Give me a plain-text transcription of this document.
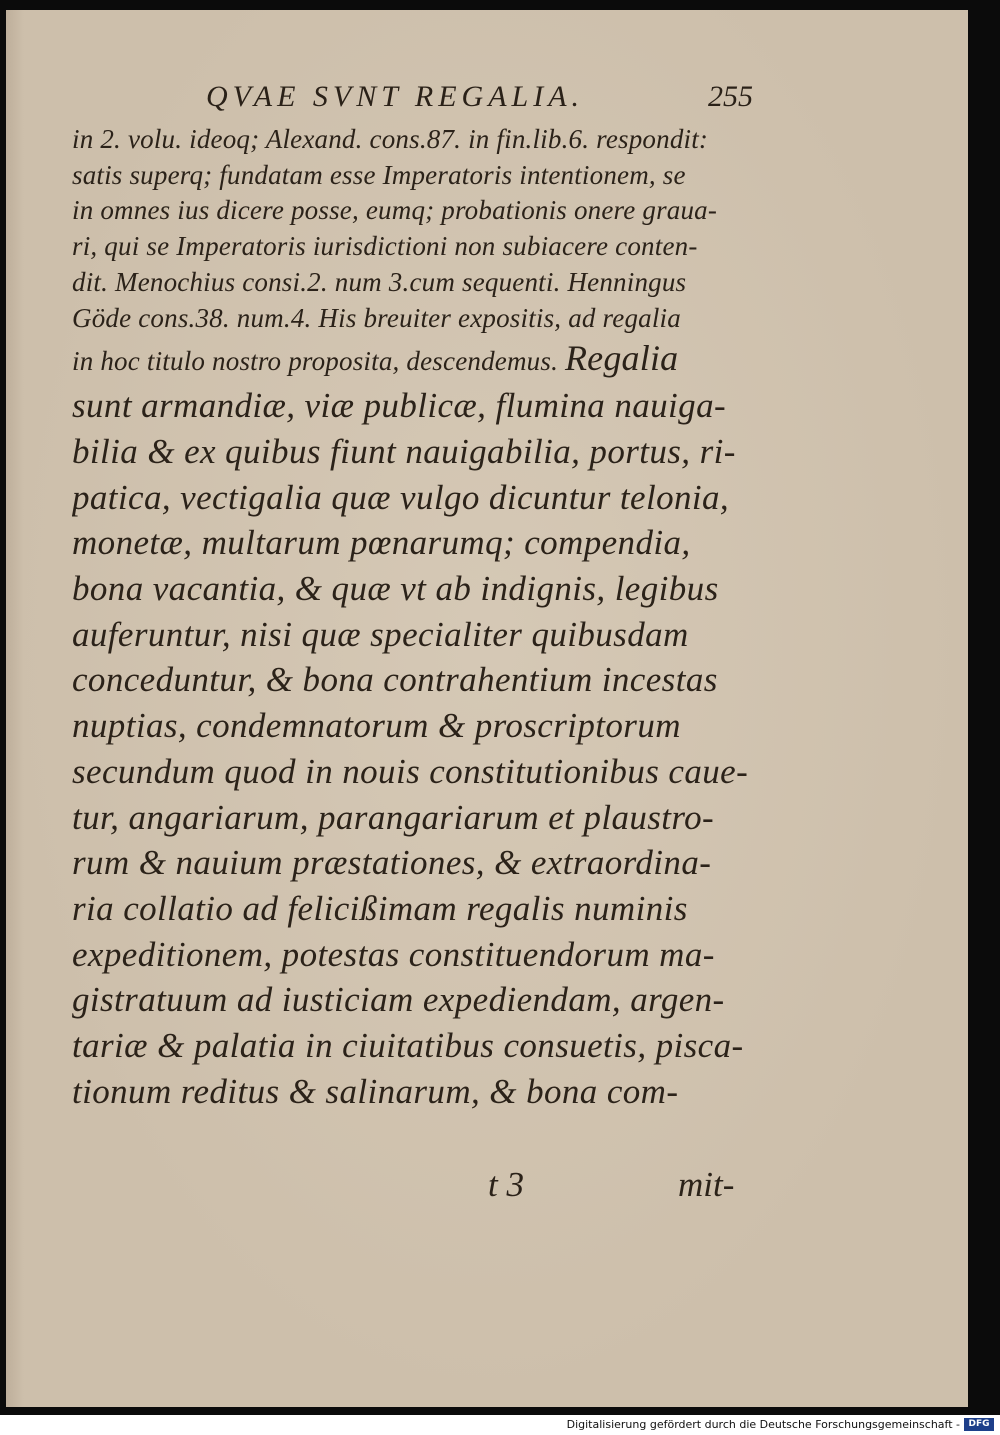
QVAE SVNT REGALIA.	255
in 2. volu. ideoq; Alexand. cons.87. in fin.lib.6. respondit:
satis superq; fundatam esse Imperatoris intentionem, se
in omnes ius dicere posse, eumq; probationis onere graua-
ri, qui se Imperatoris iurisdictioni non subiacere conten-
dit. Menochius consi.2. num 3.cum sequenti. Henningus
Göde cons.38. num.4. His breuiter expositis, ad regalia
in hoc titulo nostro proposita, descendemus. Regalia
sunt armandiæ, viæ publicæ, flumina nauiga-
bilia & ex quibus fiunt nauigabilia, portus, ri-
patica, vectigalia quæ vulgo dicuntur telonia,
monetæ, multarum pœnarumq; compendia,
bona vacantia, & quæ vt ab indignis, legibus
auferuntur, nisi quæ specialiter quibusdam
conceduntur, & bona contrahentium incestas
nuptias, condemnatorum & proscriptorum
secundum quod in nouis constitutionibus caue-
tur, angariarum, parangariarum et plaustro-
rum & nauium præstationes, & extraordina-
ria collatio ad felicißimam regalis numinis
expeditionem, potestas constituendorum ma-
gistratuum ad iusticiam expediendam, argen-
tariæ & palatia in ciuitatibus consuetis, pisca-
tionum reditus & salinarum, & bona com-
t 3	mit-
Digitalisierung gefördert durch die Deutsche Forschungsgemeinschaft - DFG
